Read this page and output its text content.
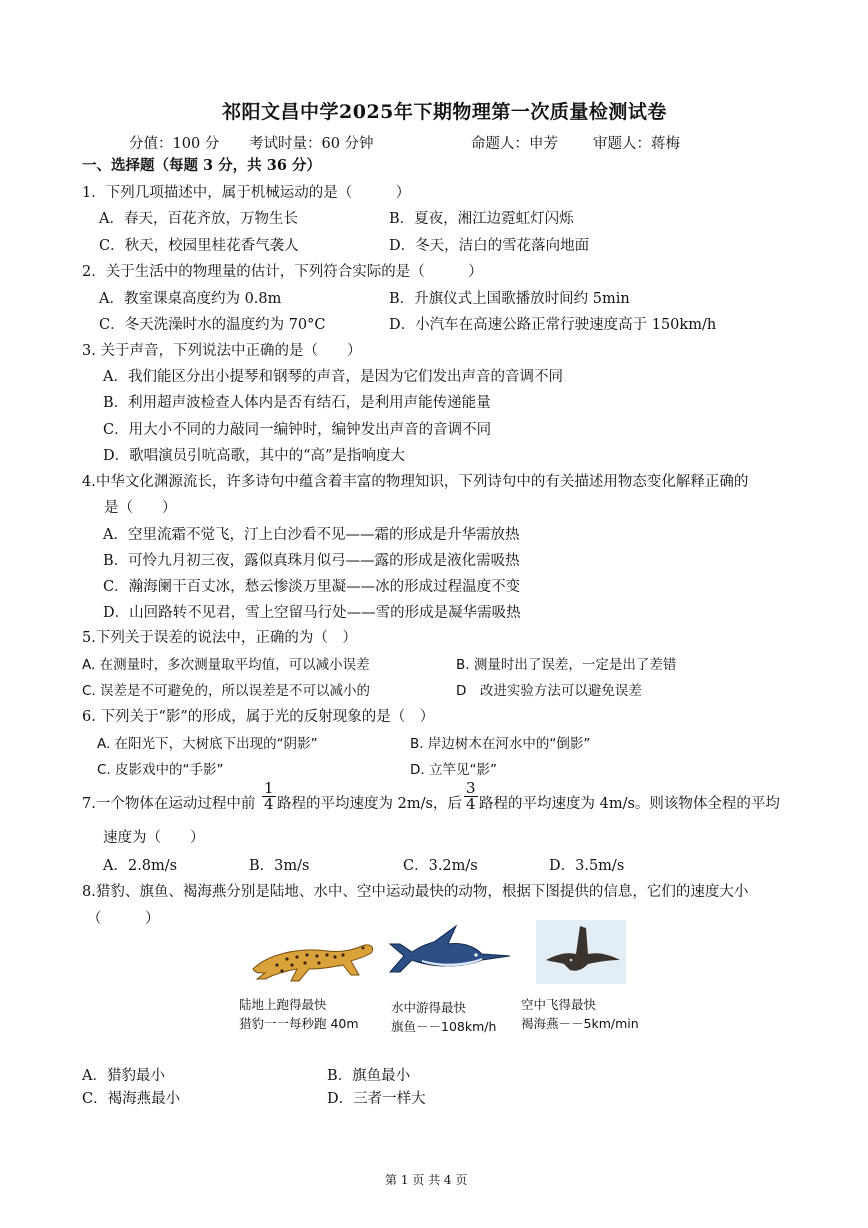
祁阳文昌中学2025年下期物理第一次质量检测试卷
分值：100 分 考试时量：60 分钟	命题人：申芳 审题人：蒋梅
一、选择题（每题 3 分，共 36 分）
1．下列几项描述中，属于机械运动的是（　　　）
A．春天，百花齐放，万物生长	B．夏夜，湘江边霓虹灯闪烁
C．秋天，校园里桂花香气袭人	D．冬天，洁白的雪花落向地面
2．关于生活中的物理量的估计，下列符合实际的是（　　　）
A．教室课桌高度约为 0.8m	B．升旗仪式上国歌播放时间约 5min
C．冬天洗澡时水的温度约为 70°C	D．小汽车在高速公路正常行驶速度高于 150km/h
3. 关于声音，下列说法中正确的是（　　）
A．我们能区分出小提琴和钢琴的声音，是因为它们发出声音的音调不同
B．利用超声波检查人体内是否有结石，是利用声能传递能量
C．用大小不同的力敲同一编钟时，编钟发出声音的音调不同
D．歌唱演员引吭高歌，其中的“高”是指响度大
4.中华文化渊源流长，许多诗句中蕴含着丰富的物理知识，下列诗句中的有关描述用物态变化解释正确的
是（　　）
A．空里流霜不觉飞，汀上白沙看不见——霜的形成是升华需放热
B．可怜九月初三夜，露似真珠月似弓——露的形成是液化需吸热
C．瀚海阑干百丈冰，愁云惨淡万里凝——冰的形成过程温度不变
D．山回路转不见君，雪上空留马行处——雪的形成是凝华需吸热
5.下列关于误差的说法中，正确的为（　）
A. 在测量时，多次测量取平均值，可以减小误差	B. 测量时出了误差，一定是出了差错
C. 误差是不可避免的，所以误差是不可以减小的	D　改进实验方法可以避免误差
6. 下列关于“影”的形成，属于光的反射现象的是（　）
A. 在阳光下，大树底下出现的“阴影”	B. 岸边树木在河水中的“倒影”
C. 皮影戏中的“手影”	D. 立竿见“影”
7.一个物体在运动过程中前 $\frac{1}{4}$ 路程的平均速度为 2m/s，后 $\frac{3}{4}$ 路程的平均速度为 4m/s。则该物体全程的平均
速度为（　　）
A．2.8m/s	B．3m/s	C．3.2m/s	D．3.5m/s
8.猎豹、旗鱼、褐海燕分别是陆地、水中、空中运动最快的动物，根据下图提供的信息，它们的速度大小
（　　　）
陆地上跑得最快
猎豹一一每秒跑 40m
水中游得最快
旗鱼－－108km/h
空中飞得最快
褐海燕－－5km/min
A．猎豹最小	B．旗鱼最小
C．褐海燕最小	D．三者一样大
第 1 页 共 4 页
